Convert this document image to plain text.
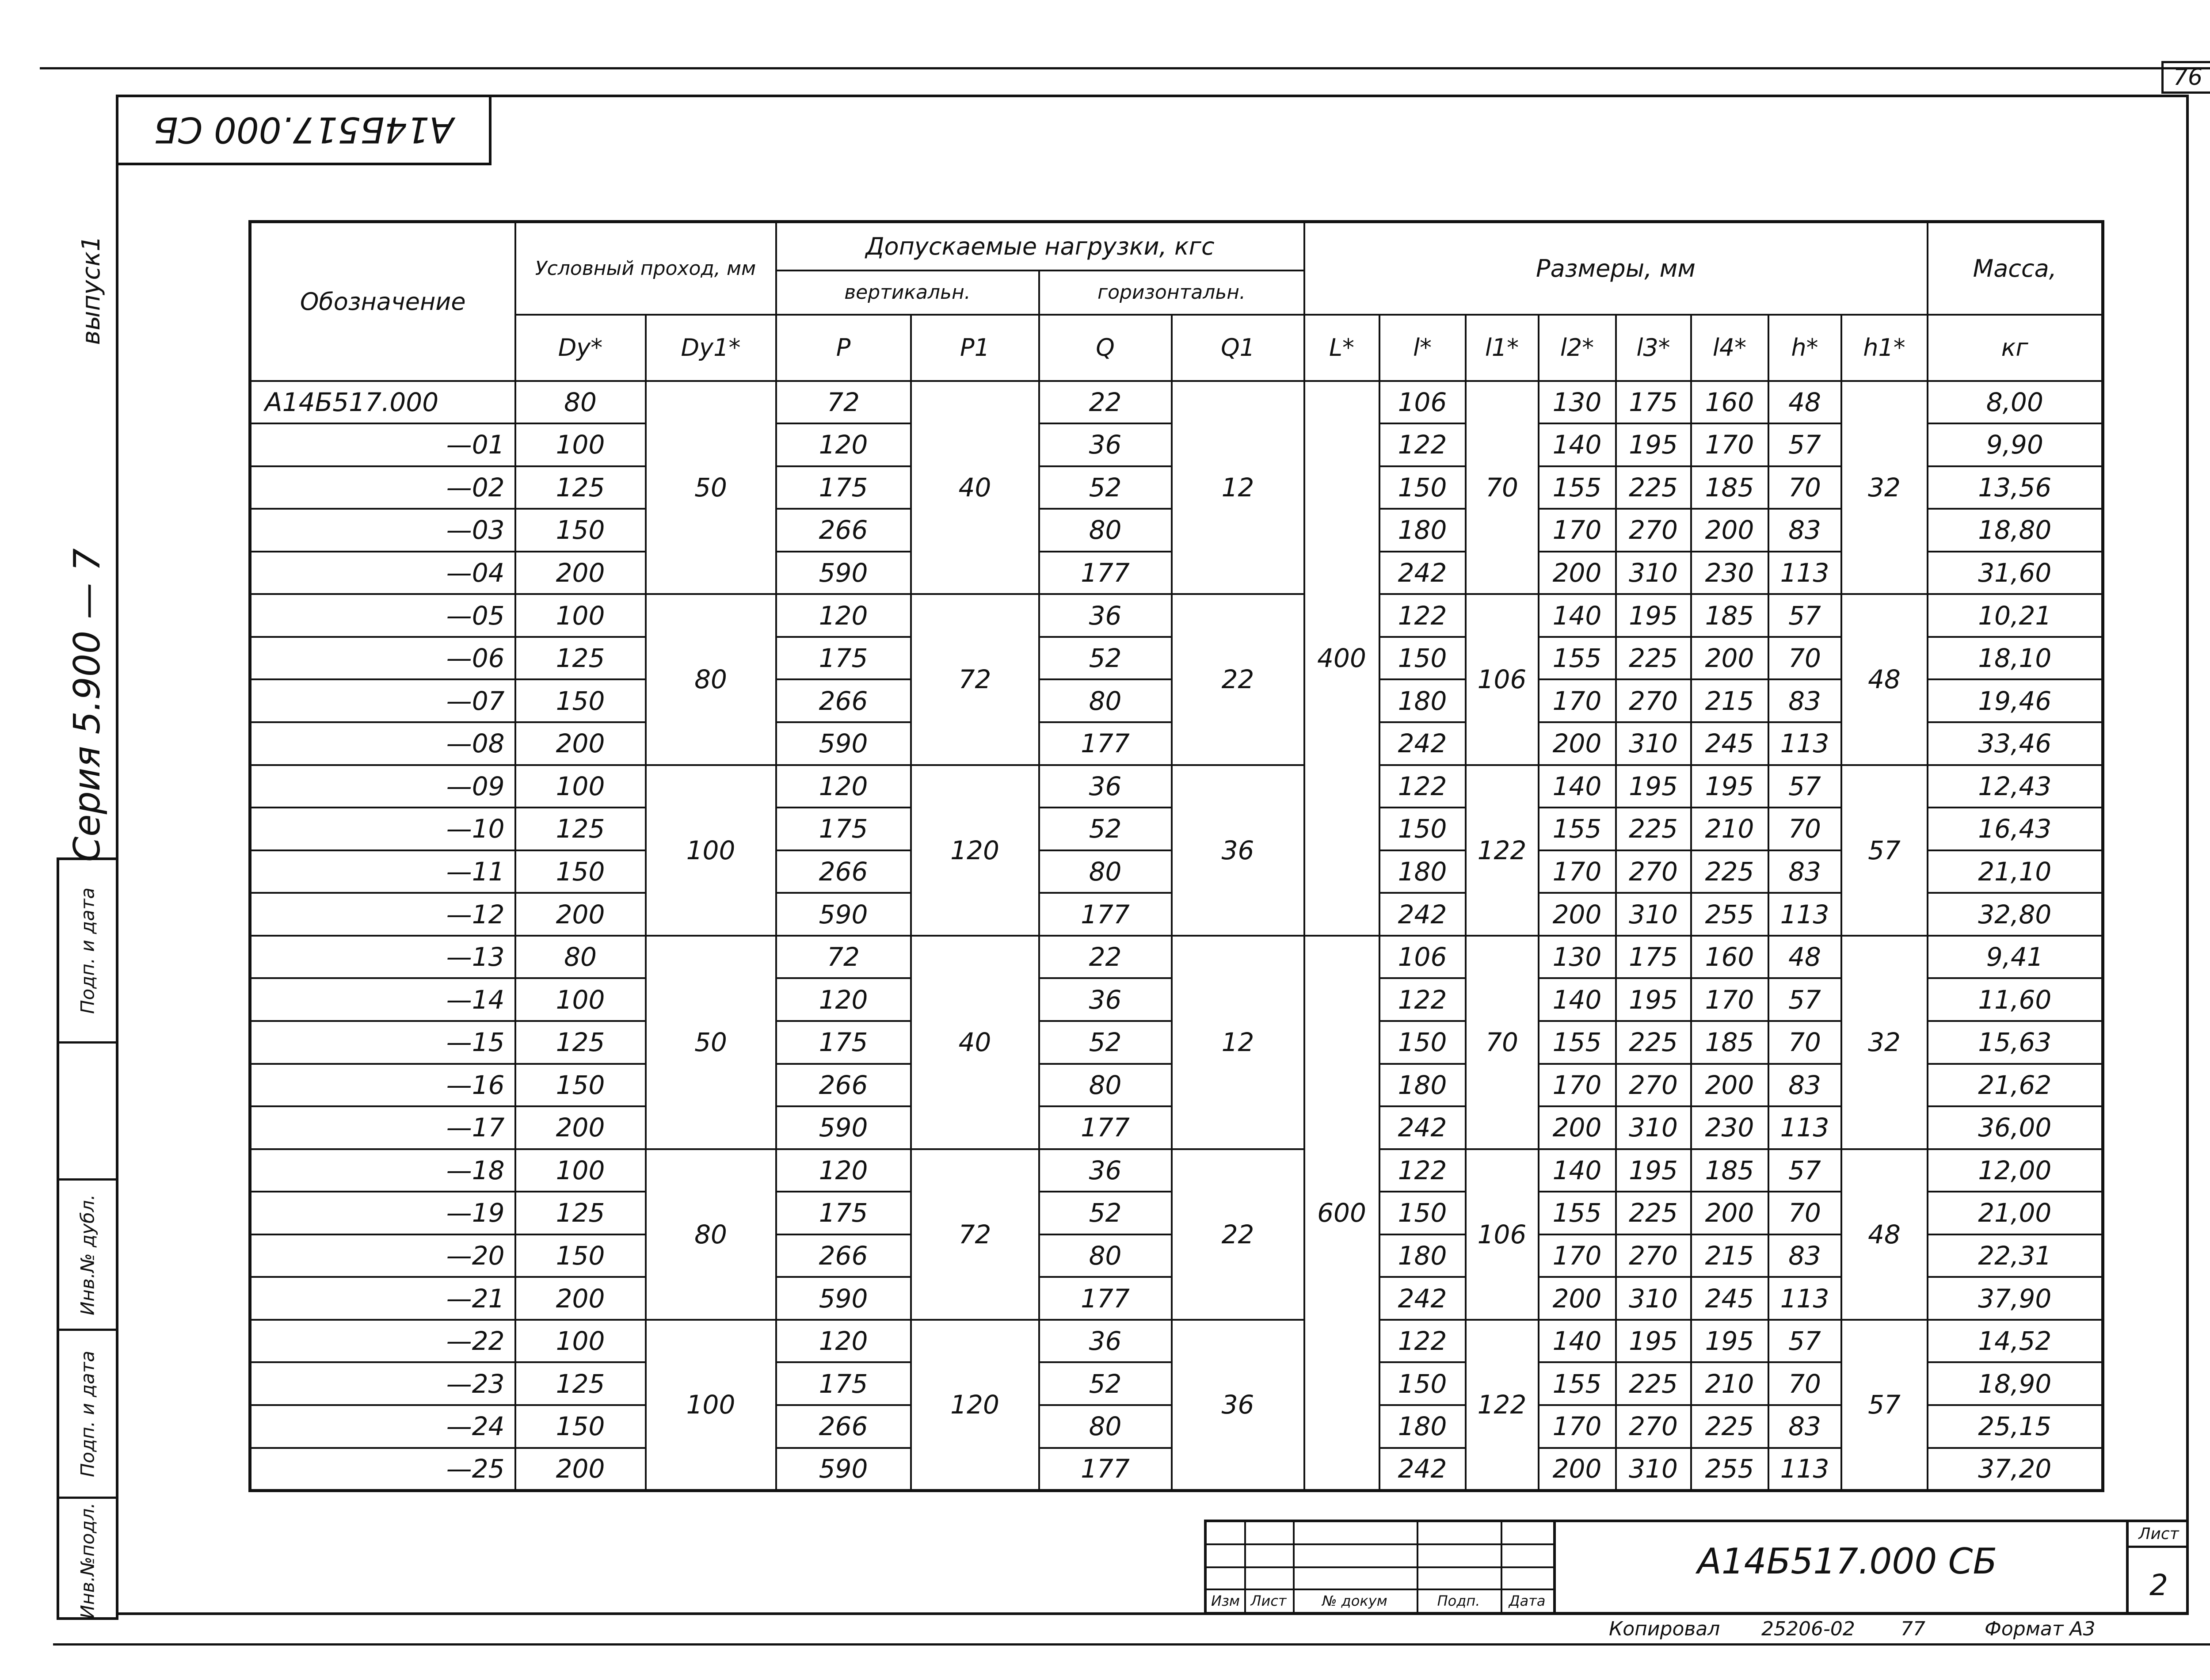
76
А14Б517.000 СБ
Серия 5.900 — 7
выпуск1
Подп. и дата
Инв.№ дубл.
Подп. и дата
Инв.№подл.
Обозначение	Условный проход, мм		Допускаемые нагрузки, кгс				Размеры, мм								Масса,
			вертикальн.		горизонтальн.										
	Dy*	Dy1*	P	P1	Q	Q1	L*	l*	l1*	l2*	l3*	l4*	h*	h1*	кг
А14Б517.000	80	50	72	40	22	12	400	106	70	130	175	160	48	32	8,00
—01	100		120		36			122		140	195	170	57		9,90
—02	125		175		52			150		155	225	185	70		13,56
—03	150		266		80			180		170	270	200	83		18,80
—04	200		590		177			242		200	310	230	113		31,60
—05	100	80	120	72	36	22		122	106	140	195	185	57	48	10,21
—06	125		175		52			150		155	225	200	70		18,10
—07	150		266		80			180		170	270	215	83		19,46
—08	200		590		177			242		200	310	245	113		33,46
—09	100	100	120	120	36	36		122	122	140	195	195	57	57	12,43
—10	125		175		52			150		155	225	210	70		16,43
—11	150		266		80			180		170	270	225	83		21,10
—12	200		590		177			242		200	310	255	113		32,80
—13	80	50	72	40	22	12	600	106	70	130	175	160	48	32	9,41
—14	100		120		36			122		140	195	170	57		11,60
—15	125		175		52			150		155	225	185	70		15,63
—16	150		266		80			180		170	270	200	83		21,62
—17	200		590		177			242		200	310	230	113		36,00
—18	100	80	120	72	36	22		122	106	140	195	185	57	48	12,00
—19	125		175		52			150		155	225	200	70		21,00
—20	150		266		80			180		170	270	215	83		22,31
—21	200		590		177			242		200	310	245	113		37,90
—22	100	100	120	120	36	36		122	122	140	195	195	57	57	14,52
—23	125		175		52			150		155	225	210	70		18,90
—24	150		266		80			180		170	270	225	83		25,15
—25	200		590		177			242		200	310	255	113		37,20
Изм Лист	№ докум	Подп.	Дата
А14Б517.000 СБ
Лист
2
Копировал 25206-02 77	Формат А3
